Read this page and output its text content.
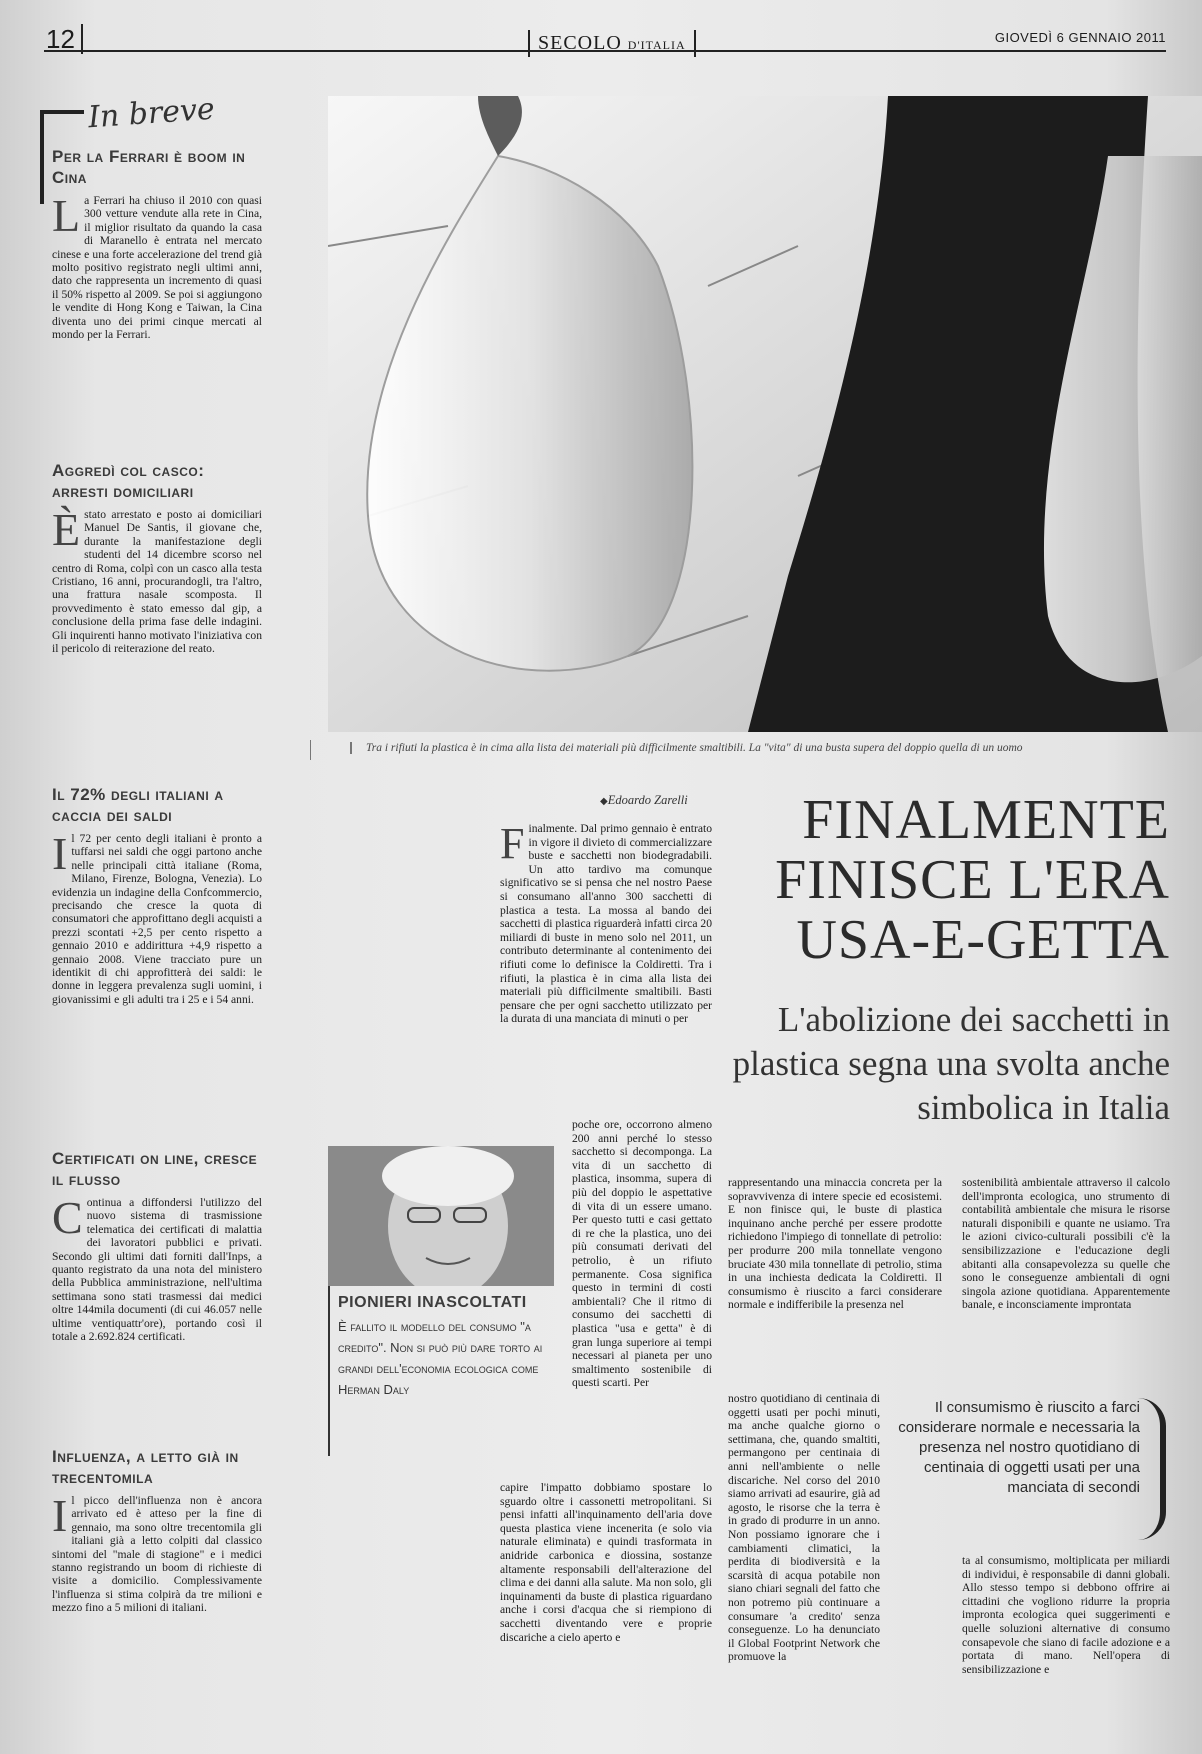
12	SECOLO D'ITALIA	GIOVEDÌ 6 GENNAIO 2011
In breve
Per la Ferrari è boom in Cina

La Ferrari ha chiuso il 2010 con quasi 300 vetture vendute alla rete in Cina, il miglior risultato da quando la casa di Maranello è entrata nel mercato cinese e una forte accelerazione del trend già molto positivo registrato negli ultimi anni, dato che rappresenta un incremento di quasi il 50% rispetto al 2009. Se poi si aggiungono le vendite di Hong Kong e Taiwan, la Cina diventa uno dei primi cinque mercati al mondo per la Ferrari.

Aggredì col casco: arresti domiciliari

Èstato arrestato e posto ai domiciliari Manuel De Santis, il giovane che, durante la manifestazione degli studenti del 14 dicembre scorso nel centro di Roma, colpì con un casco alla testa Cristiano, 16 anni, procurandogli, tra l'altro, una frattura nasale scomposta. Il provvedimento è stato emesso dal gip, a conclusione della prima fase delle indagini. Gli inquirenti hanno motivato l'iniziativa con il pericolo di reiterazione del reato.

Il 72% degli italiani a caccia dei saldi

Il 72 per cento degli italiani è pronto a tuffarsi nei saldi che oggi partono anche nelle principali città italiane (Roma, Milano, Firenze, Bologna, Venezia). Lo evidenzia un indagine della Confcommercio, precisando che cresce la quota di consumatori che approfittano degli acquisti a prezzi scontati +2,5 per cento rispetto a gennaio 2010 e addirittura +4,9 rispetto a gennaio 2008. Viene tracciato pure un identikit di chi approfitterà dei saldi: le donne in leggera prevalenza sugli uomini, i giovanissimi e gli adulti tra i 25 e i 54 anni.

Certificati on line, cresce il flusso

Continua a diffondersi l'utilizzo del nuovo sistema di trasmissione telematica dei certificati di malattia dei lavoratori pubblici e privati. Secondo gli ultimi dati forniti dall'Inps, a quanto registrato da una nota del ministero della Pubblica amministrazione, nell'ultima settimana sono stati trasmessi dai medici oltre 144mila documenti (di cui 46.057 nelle ultime ventiquattr'ore), portando così il totale a 2.692.824 certificati.

Influenza, a letto già in trecentomila

Il picco dell'influenza non è ancora arrivato ed è atteso per la fine di gennaio, ma sono oltre trecentomila gli italiani già a letto colpiti dal classico sintomi del "male di stagione" e i medici stanno registrando un boom di richieste di visite a domicilio. Complessivamente l'influenza si stima colpirà da tre milioni e mezzo fino a 5 milioni di italiani.

Tra i rifiuti la plastica è in cima alla lista dei materiali più difficilmente smaltibili. La "vita" di una busta supera del doppio quella di un uomo
◆ Edoardo Zarelli	FINALMENTE
FINISCE L'ERA
USA-E-GETTA
L'abolizione dei sacchetti in plastica segna una svolta anche simbolica in Italia

Finalmente. Dal primo gennaio è entrato in vigore il divieto di commercializzare buste e sacchetti non biodegradabili. Un atto tardivo ma comunque significativo se si pensa che nel nostro Paese si consumano all'anno 300 sacchetti di plastica a testa. La mossa al bando dei sacchetti di plastica riguarderà infatti circa 20 miliardi di buste in meno solo nel 2011, un contributo determinante al contenimento dei rifiuti come lo definisce la Coldiretti. Tra i rifiuti, la plastica è in cima alla lista dei materiali più difficilmente smaltibili. Basti pensare che per ogni sacchetto utilizzato per la durata di una manciata di minuti o per

poche ore, occorrono almeno 200 anni perché lo stesso sacchetto si decomponga. La vita di un sacchetto di plastica, insomma, supera di più del doppio le aspettative di vita di un essere umano. Per questo tutti e casi gettato di re che la plastica, uno dei più consumati derivati del petrolio, è un rifiuto permanente. Cosa significa questo in termini di costi ambientali? Che il ritmo di consumo dei sacchetti di plastica "usa e getta" è di gran lunga superiore ai tempi necessari al pianeta per uno smaltimento sostenibile di questi scarti. Per

capire l'impatto dobbiamo spostare lo sguardo oltre i cassonetti metropolitani. Si pensi infatti all'inquinamento dell'aria dove questa plastica viene incenerita (e solo via naturale eliminata) e quindi trasformata in anidride carbonica e diossina, sostanze altamente responsabili dell'alterazione del clima e dei danni alla salute. Ma non solo, gli inquinamenti da buste di plastica riguardano anche i corsi d'acqua che si riempiono di sacchetti diventando vere e proprie discariche a cielo aperto e

rappresentando una minaccia concreta per la sopravvivenza di intere specie ed ecosistemi. E non finisce qui, le buste di plastica inquinano anche perché per essere prodotte richiedono l'impiego di tonnellate di petrolio: per produrre 200 mila tonnellate vengono bruciate 430 mila tonnellate di petrolio, stima in una inchiesta dedicata la Coldiretti. Il consumismo è riuscito a farci considerare normale e indifferibile la presenza nel

nostro quotidiano di centinaia di oggetti usati per pochi minuti, ma anche qualche giorno o settimana, che, quando smaltiti, permangono per centinaia di anni nell'ambiente o nelle discariche. Nel corso del 2010 siamo arrivati ad esaurire, già ad agosto, le risorse che la terra è in grado di produrre in un anno. Non possiamo ignorare che i cambiamenti climatici, la perdita di biodiversità e la scarsità di acqua potabile non siano chiari segnali del fatto che non potremo più continuare a consumare 'a credito' senza conseguenze. Lo ha denunciato il Global Footprint Network che promuove la

sostenibilità ambientale attraverso il calcolo dell'impronta ecologica, uno strumento di contabilità ambientale che misura le risorse naturali disponibili e quante ne usiamo. Tra le azioni civico-culturali possibili c'è la sensibilizzazione e l'educazione degli abitanti alla consapevolezza su quelle che sono le conseguenze ambientali di ogni singola azione quotidiana. Apparentemente banale, e inconsciamente improntata

ta al consumismo, moltiplicata per miliardi di individui, è responsabile di danni globali. Allo stesso tempo si debbono offrire ai cittadini che vogliono ridurre la propria impronta ecologica quei suggerimenti e quelle soluzioni alternative di consumo consapevole che siano di facile adozione e a portata di mano. Nell'opera di sensibilizzazione e

Il consumismo è riuscito a farci considerare normale e necessaria la presenza nel nostro quotidiano di centinaia di oggetti usati per una manciata di secondi
PIONIERI INASCOLTATI

È fallito il modello del consumo "a credito". Non si può più dare torto ai grandi dell'economia ecologica come Herman Daly
